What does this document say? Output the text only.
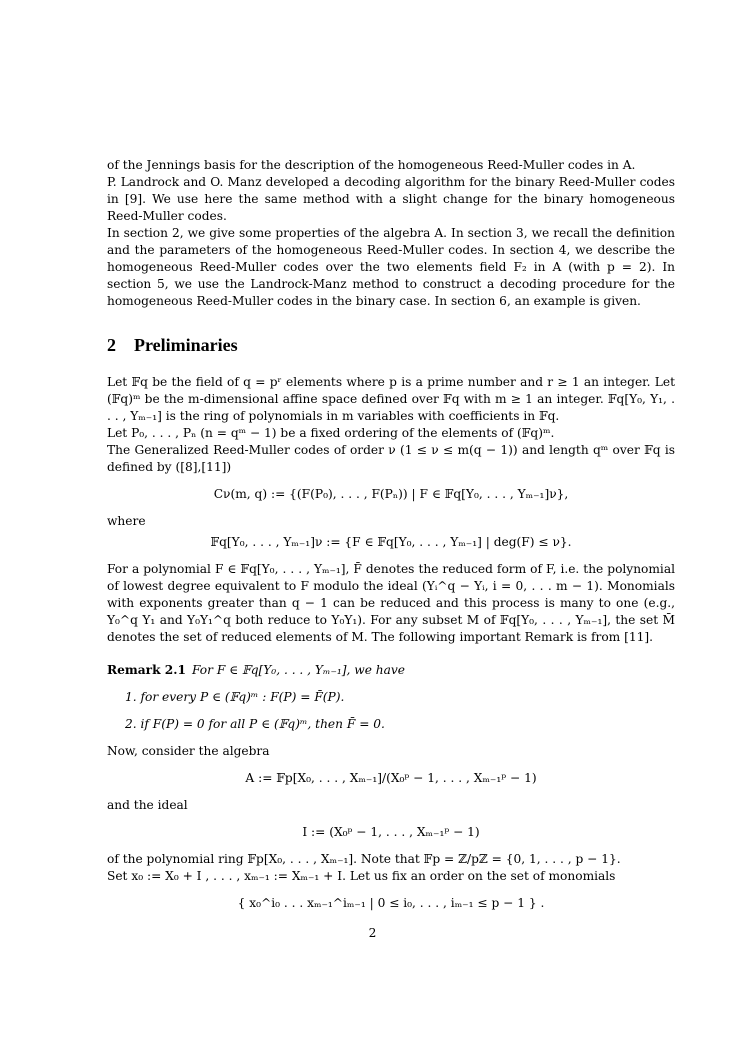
of the Jennings basis for the description of the homogeneous Reed-Muller codes in A.

P. Landrock and O. Manz developed a decoding algorithm for the binary Reed-Muller codes in [9]. We use here the same method with a slight change for the binary homogeneous Reed-Muller codes.

In section 2, we give some properties of the algebra A. In section 3, we recall the definition and the parameters of the homogeneous Reed-Muller codes. In section 4, we describe the homogeneous Reed-Muller codes over the two elements field F₂ in A (with p = 2). In section 5, we use the Landrock-Manz method to construct a decoding procedure for the homogeneous Reed-Muller codes in the binary case. In section 6, an example is given.

2 Preliminaries

Let 𝔽q be the field of q = pʳ elements where p is a prime number and r ≥ 1 an integer. Let (𝔽q)ᵐ be the m-dimensional affine space defined over 𝔽q with m ≥ 1 an integer. 𝔽q[Y₀, Y₁, . . . , Yₘ₋₁] is the ring of polynomials in m variables with coefficients in 𝔽q.

Let P₀, . . . , Pₙ (n = qᵐ − 1) be a fixed ordering of the elements of (𝔽q)ᵐ.

The Generalized Reed-Muller codes of order ν (1 ≤ ν ≤ m(q − 1)) and length qᵐ over 𝔽q is defined by ([8],[11])

Cν(m, q) := {(F(P₀), . . . , F(Pₙ)) | F ∈ 𝔽q[Y₀, . . . , Yₘ₋₁]ν},

where

𝔽q[Y₀, . . . , Yₘ₋₁]ν := {F ∈ 𝔽q[Y₀, . . . , Yₘ₋₁] | deg(F) ≤ ν}.

For a polynomial F ∈ 𝔽q[Y₀, . . . , Yₘ₋₁], F̄ denotes the reduced form of F, i.e. the polynomial of lowest degree equivalent to F modulo the ideal (Yᵢ^q − Yᵢ, i = 0, . . . m − 1). Monomials with exponents greater than q − 1 can be reduced and this process is many to one (e.g., Y₀^q Y₁ and Y₀Y₁^q both reduce to Y₀Y₁). For any subset M of 𝔽q[Y₀, . . . , Yₘ₋₁], the set M̄ denotes the set of reduced elements of M. The following important Remark is from [11].

Remark 2.1 For F ∈ 𝔽q[Y₀, . . . , Yₘ₋₁], we have

1. for every P ∈ (𝔽q)ᵐ : F(P) = F̄(P).
2. if F(P) = 0 for all P ∈ (𝔽q)ᵐ, then F̄ = 0.

Now, consider the algebra

A := 𝔽p[X₀, . . . , Xₘ₋₁]/(X₀ᵖ − 1, . . . , Xₘ₋₁ᵖ − 1)

and the ideal

I := (X₀ᵖ − 1, . . . , Xₘ₋₁ᵖ − 1)

of the polynomial ring 𝔽p[X₀, . . . , Xₘ₋₁]. Note that 𝔽p = ℤ/pℤ = {0, 1, . . . , p − 1}.

Set x₀ := X₀ + I , . . . , xₘ₋₁ := Xₘ₋₁ + I. Let us fix an order on the set of monomials

{ x₀^i₀ . . . xₘ₋₁^iₘ₋₁ | 0 ≤ i₀, . . . , iₘ₋₁ ≤ p − 1 } .
2
